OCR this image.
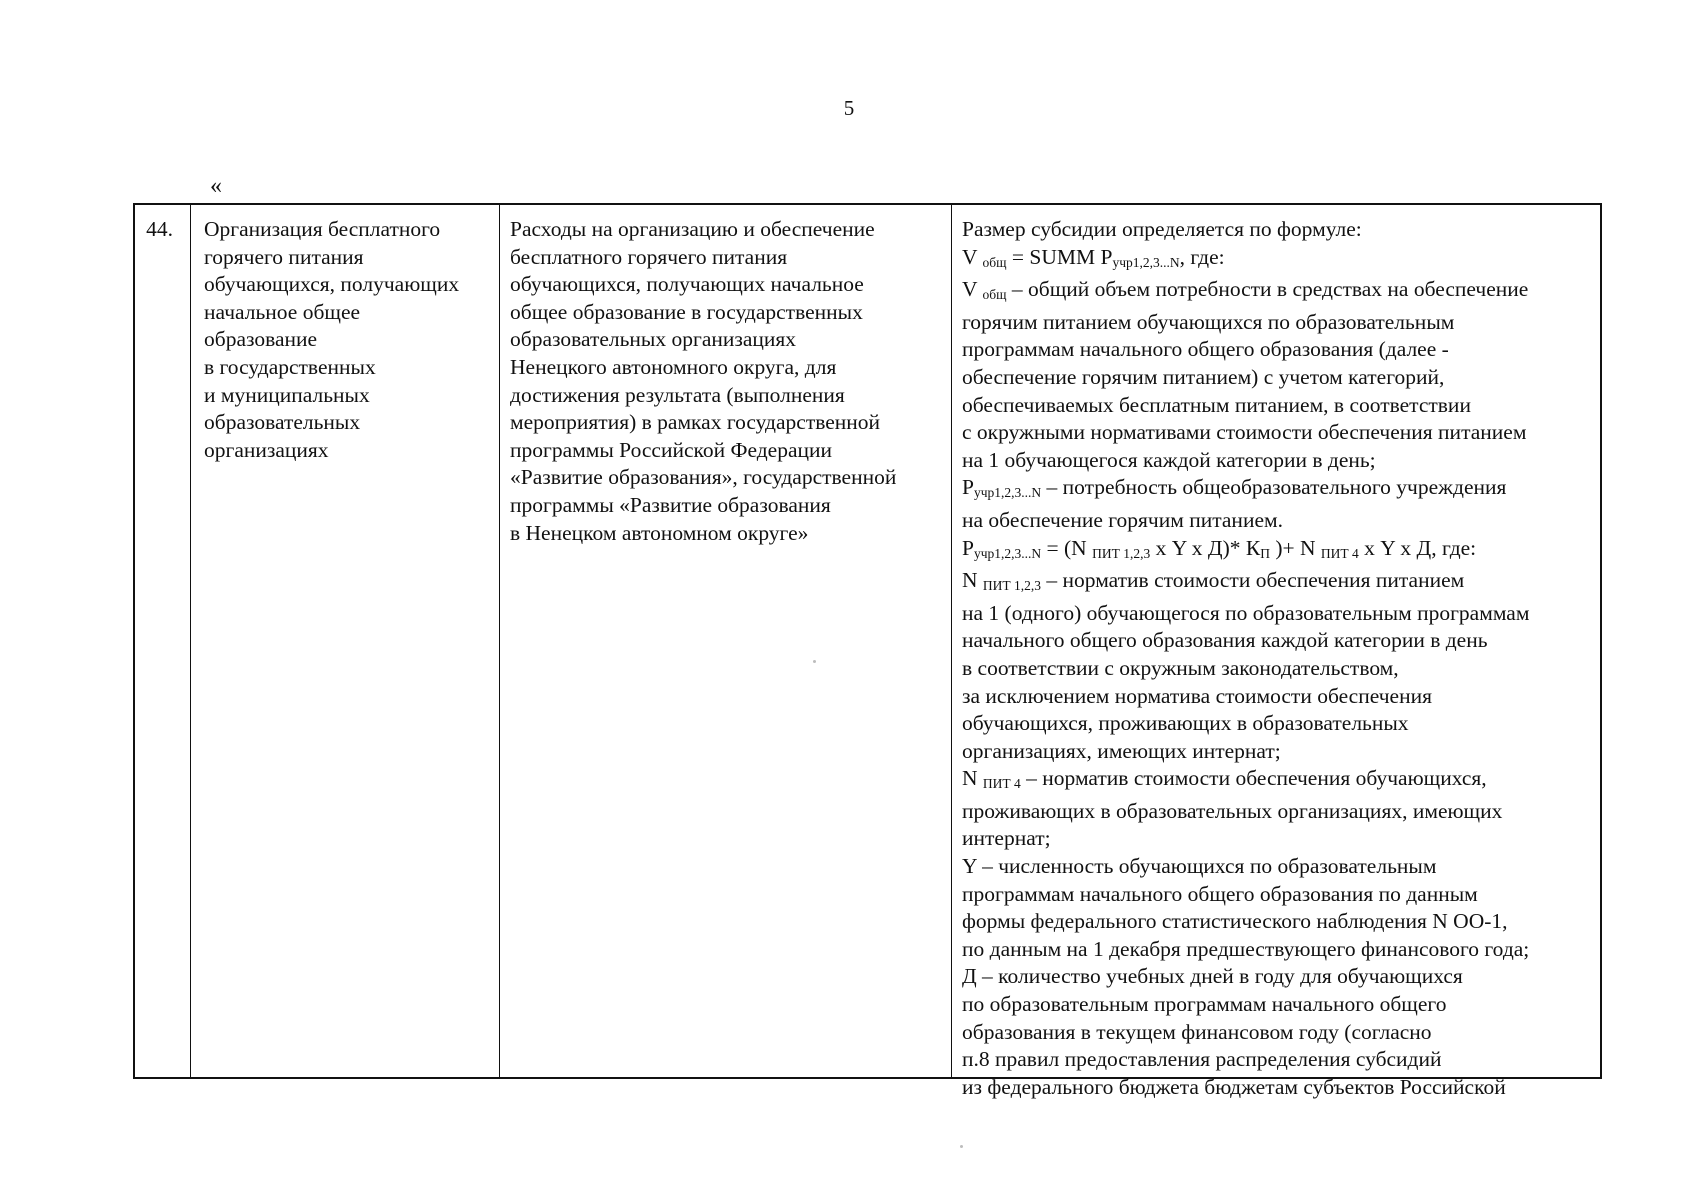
5
«
44.	Организация бесплатного
горячего питания
обучающихся, получающих
начальное общее
образование
в государственных
и муниципальных
образовательных
организациях
Расходы на организацию и обеспечение
бесплатного горячего питания
обучающихся, получающих начальное
общее образование в государственных
образовательных организациях
Ненецкого автономного округа, для
достижения результата (выполнения
мероприятия) в рамках государственной
программы Российской Федерации
«Развитие образования», государственной
программы «Развитие образования
в Ненецком автономном округе»
Размер субсидии определяется по формуле:
V $_{общ}$ = SUMM $P_{учр1,2,3...N}$, где:
V $_{общ}$ – общий объем потребности в средствах на обеспечение
горячим питанием обучающихся по образовательным
программам начального общего образования (далее -
обеспечение горячим питанием) с учетом категорий,
обеспечиваемых бесплатным питанием, в соответствии
с окружными нормативами стоимости обеспечения питанием
на 1 обучающегося каждой категории в день;
$P_{учр1,2,3...N}$ – потребность общеобразовательного учреждения
на обеспечение горячим питанием.
$P_{учр1,2,3...N} = (N$ $_{ПИТ 1,2,3}$ х Y х Д)* $К_П$ )+ N $_{ПИТ 4}$ х Y х Д, где:
N $_{ПИТ 1,2,3}$ – норматив стоимости обеспечения питанием
на 1 (одного) обучающегося по образовательным программам
начального общего образования каждой категории в день
в соответствии с окружным законодательством,
за исключением норматива стоимости обеспечения
обучающихся, проживающих в образовательных
организациях, имеющих интернат;
N $_{ПИТ 4}$ – норматив стоимости обеспечения обучающихся,
проживающих в образовательных организациях, имеющих
интернат;
Y – численность обучающихся по образовательным
программам начального общего образования по данным
формы федерального статистического наблюдения N ОО-1,
по данным на 1 декабря предшествующего финансового года;
Д – количество учебных дней в году для обучающихся
по образовательным программам начального общего
образования в текущем финансовом году (согласно
п.8 правил предоставления распределения субсидий
из федерального бюджета бюджетам субъектов Российской
